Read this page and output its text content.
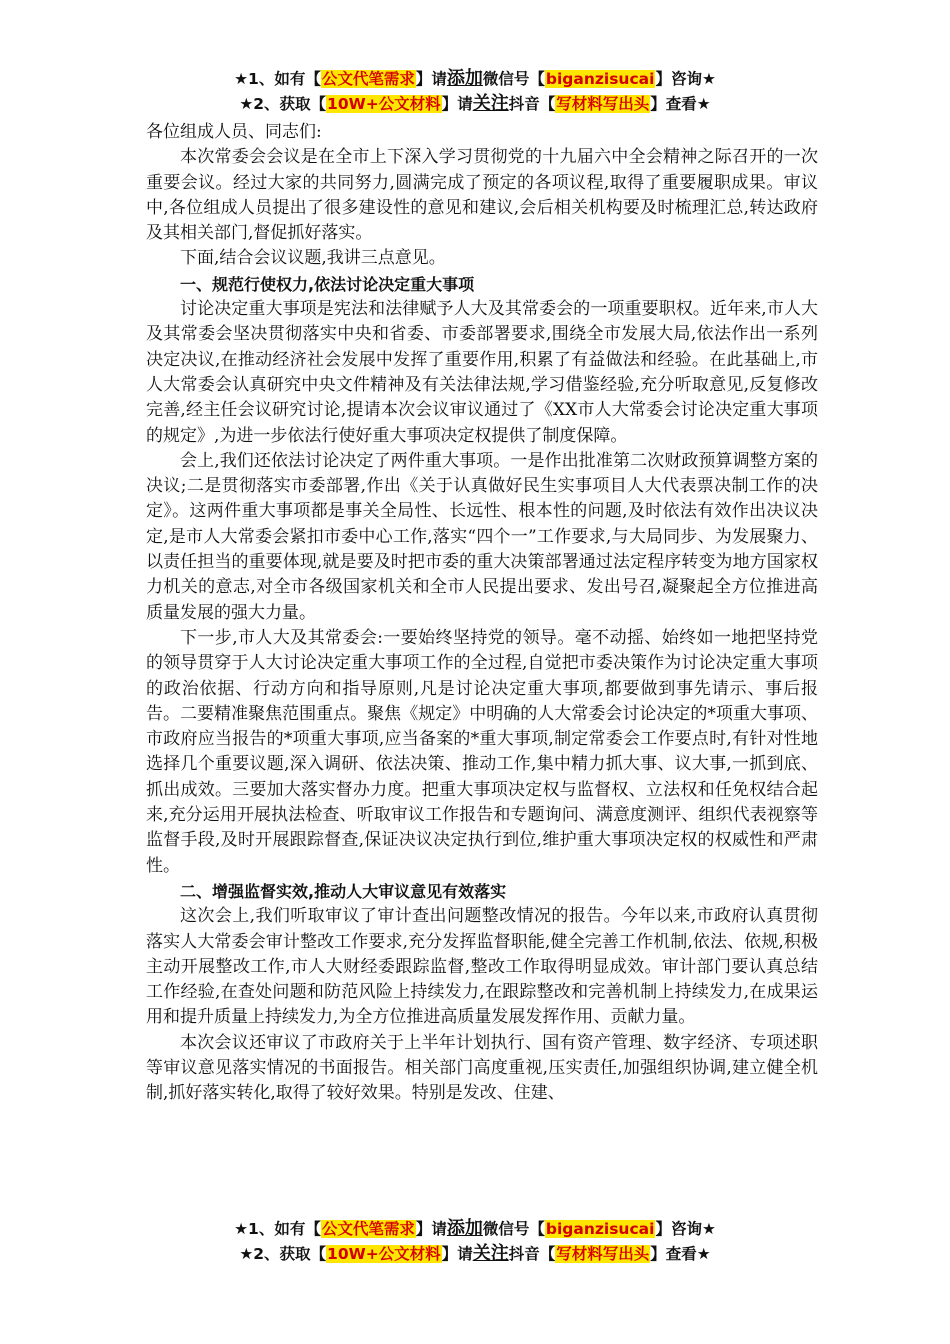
★1、如有【公文代笔需求】请添加微信号【biganzisucai】咨询★
★2、获取【10W+公文材料】请关注抖音【写材料写出头】查看★

各位组成人员、同志们:

本次常委会会议是在全市上下深入学习贯彻党的十九届六中全会精神之际召开的一次重要会议。经过大家的共同努力,圆满完成了预定的各项议程,取得了重要履职成果。审议中,各位组成人员提出了很多建设性的意见和建议,会后相关机构要及时梳理汇总,转达政府及其相关部门,督促抓好落实。

下面,结合会议议题,我讲三点意见。

一、规范行使权力,依法讨论决定重大事项

讨论决定重大事项是宪法和法律赋予人大及其常委会的一项重要职权。近年来,市人大及其常委会坚决贯彻落实中央和省委、市委部署要求,围绕全市发展大局,依法作出一系列决定决议,在推动经济社会发展中发挥了重要作用,积累了有益做法和经验。在此基础上,市人大常委会认真研究中央文件精神及有关法律法规,学习借鉴经验,充分听取意见,反复修改完善,经主任会议研究讨论,提请本次会议审议通过了《XX市人大常委会讨论决定重大事项的规定》,为进一步依法行使好重大事项决定权提供了制度保障。

会上,我们还依法讨论决定了两件重大事项。一是作出批准第二次财政预算调整方案的决议;二是贯彻落实市委部署,作出《关于认真做好民生实事项目人大代表票决制工作的决定》。这两件重大事项都是事关全局性、长远性、根本性的问题,及时依法有效作出决议决定,是市人大常委会紧扣市委中心工作,落实“四个一”工作要求,与大局同步、为发展聚力、以责任担当的重要体现,就是要及时把市委的重大决策部署通过法定程序转变为地方国家权力机关的意志,对全市各级国家机关和全市人民提出要求、发出号召,凝聚起全方位推进高质量发展的强大力量。

下一步,市人大及其常委会:一要始终坚持党的领导。毫不动摇、始终如一地把坚持党的领导贯穿于人大讨论决定重大事项工作的全过程,自觉把市委决策作为讨论决定重大事项的政治依据、行动方向和指导原则,凡是讨论决定重大事项,都要做到事先请示、事后报告。二要精准聚焦范围重点。聚焦《规定》中明确的人大常委会讨论决定的*项重大事项、市政府应当报告的*项重大事项,应当备案的*重大事项,制定常委会工作要点时,有针对性地选择几个重要议题,深入调研、依法决策、推动工作,集中精力抓大事、议大事,一抓到底、抓出成效。三要加大落实督办力度。把重大事项决定权与监督权、立法权和任免权结合起来,充分运用开展执法检查、听取审议工作报告和专题询问、满意度测评、组织代表视察等监督手段,及时开展跟踪督查,保证决议决定执行到位,维护重大事项决定权的权威性和严肃性。

二、增强监督实效,推动人大审议意见有效落实

这次会上,我们听取审议了审计查出问题整改情况的报告。今年以来,市政府认真贯彻落实人大常委会审计整改工作要求,充分发挥监督职能,健全完善工作机制,依法、依规,积极主动开展整改工作,市人大财经委跟踪监督,整改工作取得明显成效。审计部门要认真总结工作经验,在查处问题和防范风险上持续发力,在跟踪整改和完善机制上持续发力,在成果运用和提升质量上持续发力,为全方位推进高质量发展发挥作用、贡献力量。

本次会议还审议了市政府关于上半年计划执行、国有资产管理、数字经济、专项述职等审议意见落实情况的书面报告。相关部门高度重视,压实责任,加强组织协调,建立健全机制,抓好落实转化,取得了较好效果。特别是发改、住建、

★1、如有【公文代笔需求】请添加微信号【biganzisucai】咨询★
★2、获取【10W+公文材料】请关注抖音【写材料写出头】查看★
